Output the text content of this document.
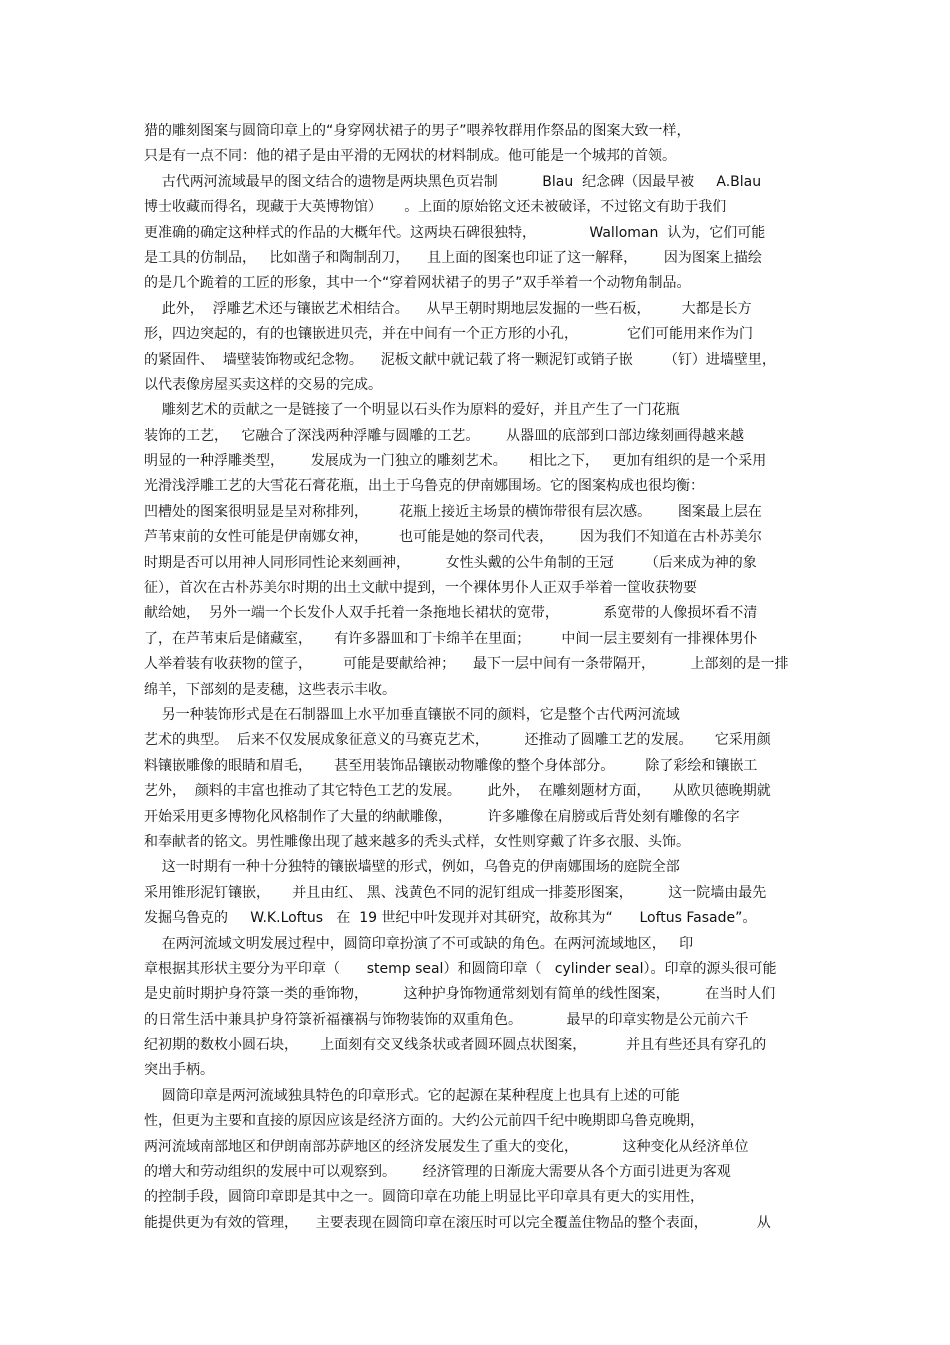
猎的雕刻图案与圆筒印章上的“身穿网状裙子的男子”喂养牧群用作祭品的图案大致一样，
只是有一点不同：他的裙子是由平滑的无网状的材料制成。他可能是一个城邦的首领。
古代两河流域最早的图文结合的遗物是两块黑色页岩制          Blau  纪念碑（因最早被     A.Blau
博士收藏而得名，现藏于大英博物馆）     。上面的原始铭文还未被破译，不过铭文有助于我们
更准确的确定这种样式的作品的大概年代。这两块石碑很独特，            Walloman  认为，它们可能
是工具的仿制品，   比如凿子和陶制刮刀，    且上面的图案也印证了这一解释，      因为图案上描绘
的是几个跪着的工匠的形象，其中一个“穿着网状裙子的男子”双手举着一个动物角制品。
此外，  浮雕艺术还与镶嵌艺术相结合。    从早王朝时期地层发掘的一些石板，       大都是长方
形，四边突起的，有的也镶嵌进贝壳，并在中间有一个正方形的小孔，           它们可能用来作为门
的紧固件、  墙壁装饰物或纪念物。    泥板文献中就记载了将一颗泥钉或销子嵌       （钉）进墙壁里，
以代表像房屋买卖这样的交易的完成。
雕刻艺术的贡献之一是链接了一个明显以石头作为原料的爱好，并且产生了一门花瓶
装饰的工艺，   它融合了深浅两种浮雕与圆雕的工艺。      从器皿的底部到口部边缘刻画得越来越
明显的一种浮雕类型，      发展成为一门独立的雕刻艺术。     相比之下，   更加有组织的是一个采用
光滑浅浮雕工艺的大雪花石膏花瓶，出土于乌鲁克的伊南娜围场。它的图案构成也很均衡：
凹槽处的图案很明显是呈对称排列，       花瓶上接近主场景的横饰带很有层次感。      图案最上层在
芦苇束前的女性可能是伊南娜女神，       也可能是她的祭司代表，      因为我们不知道在古朴苏美尔
时期是否可以用神人同形同性论来刻画神，        女性头戴的公牛角制的王冠       （后来成为神的象
征），首次在古朴苏美尔时期的出土文献中提到，一个裸体男仆人正双手举着一筐收获物要
献给她，  另外一端一个长发仆人双手托着一条拖地长裙状的宽带，          系宽带的人像损坏看不清
了，在芦苇束后是储藏室，     有许多器皿和丁卡绵羊在里面；       中间一层主要刻有一排裸体男仆
人举着装有收获物的筐子，       可能是要献给神；    最下一层中间有一条带隔开，        上部刻的是一排
绵羊，下部刻的是麦穗，这些表示丰收。
另一种装饰形式是在石制器皿上水平加垂直镶嵌不同的颜料，它是整个古代两河流域
艺术的典型。  后来不仅发展成象征意义的马赛克艺术，        还推动了圆雕工艺的发展。     它采用颜
料镶嵌雕像的眼睛和眉毛，     甚至用装饰品镶嵌动物雕像的整个身体部分。       除了彩绘和镶嵌工
艺外，  颜料的丰富也推动了其它特色工艺的发展。      此外，  在雕刻题材方面，     从欧贝德晚期就
开始采用更多博物化风格制作了大量的纳献雕像，        许多雕像在肩膀或后背处刻有雕像的名字
和奉献者的铭文。男性雕像出现了越来越多的秃头式样，女性则穿戴了许多衣服、头饰。
这一时期有一种十分独特的镶嵌墙壁的形式，例如，乌鲁克的伊南娜围场的庭院全部
采用锥形泥钉镶嵌，     并且由红、 黑、浅黄色不同的泥钉组成一排菱形图案，        这一院墙由最先
发掘乌鲁克的     W.K.Loftus   在  19 世纪中叶发现并对其研究，故称其为“      Loftus Fasade”。
在两河流域文明发展过程中，圆筒印章扮演了不可或缺的角色。在两河流域地区，   印
章根据其形状主要分为平印章（      stemp seal）和圆筒印章（   cylinder seal）。印章的源头很可能
是史前时期护身符箓一类的垂饰物，        这种护身饰物通常刻划有简单的线性图案，        在当时人们
的日常生活中兼具护身符箓祈福禳祸与饰物装饰的双重角色。          最早的印章实物是公元前六千
纪初期的数枚小圆石块，     上面刻有交叉线条状或者圆环圆点状图案，         并且有些还具有穿孔的
突出手柄。
圆筒印章是两河流域独具特色的印章形式。它的起源在某种程度上也具有上述的可能
性，但更为主要和直接的原因应该是经济方面的。大约公元前四千纪中晚期即乌鲁克晚期，
两河流域南部地区和伊朗南部苏萨地区的经济发展发生了重大的变化，          这种变化从经济单位
的增大和劳动组织的发展中可以观察到。      经济管理的日渐庞大需要从各个方面引进更为客观
的控制手段，圆筒印章即是其中之一。圆筒印章在功能上明显比平印章具有更大的实用性，
能提供更为有效的管理，    主要表现在圆筒印章在滚压时可以完全覆盖住物品的整个表面，           从
